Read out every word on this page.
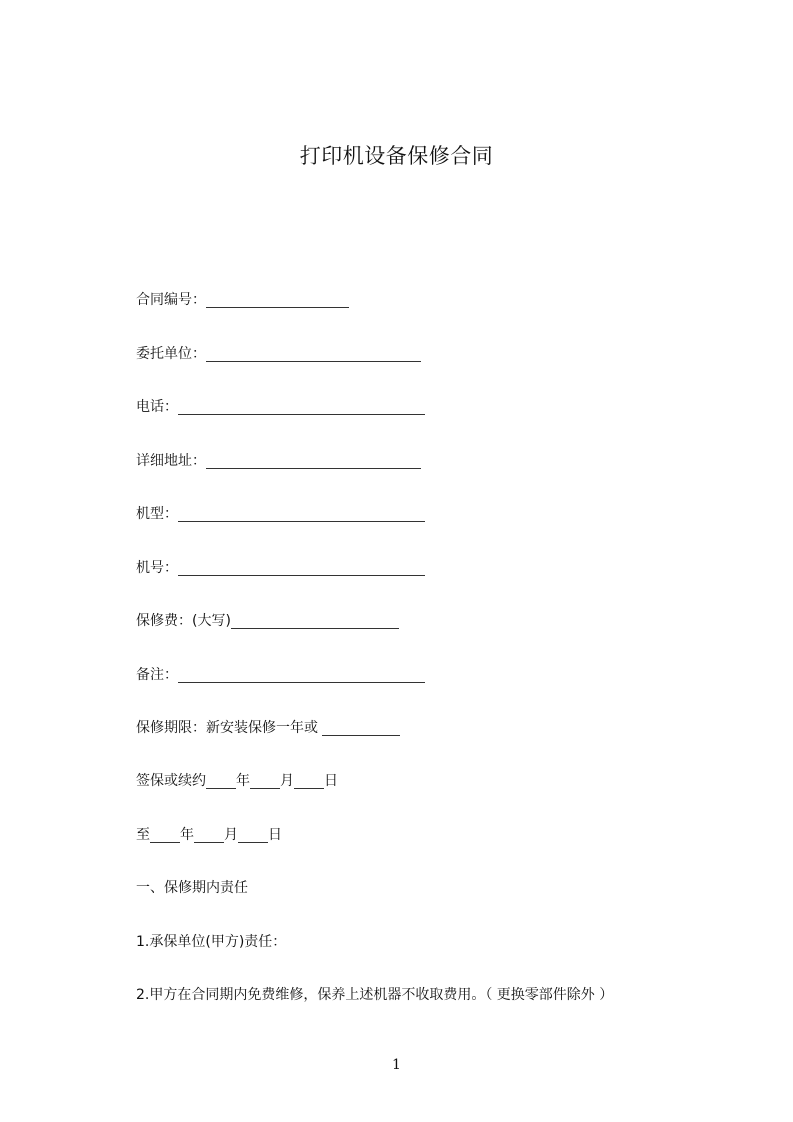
打印机设备保修合同
合同编号：
委托单位：
电话：
详细地址：
机型：
机号：
保修费：(大写)
备注：
保修期限：新安装保修一年或
签保或续约 年 月 日
至 年 月 日
一、保修期内责任
1.承保单位(甲方)责任：
2.甲方在合同期内免费维修，保养上述机器不收取费用。（ 更换零部件除外 ）
1
